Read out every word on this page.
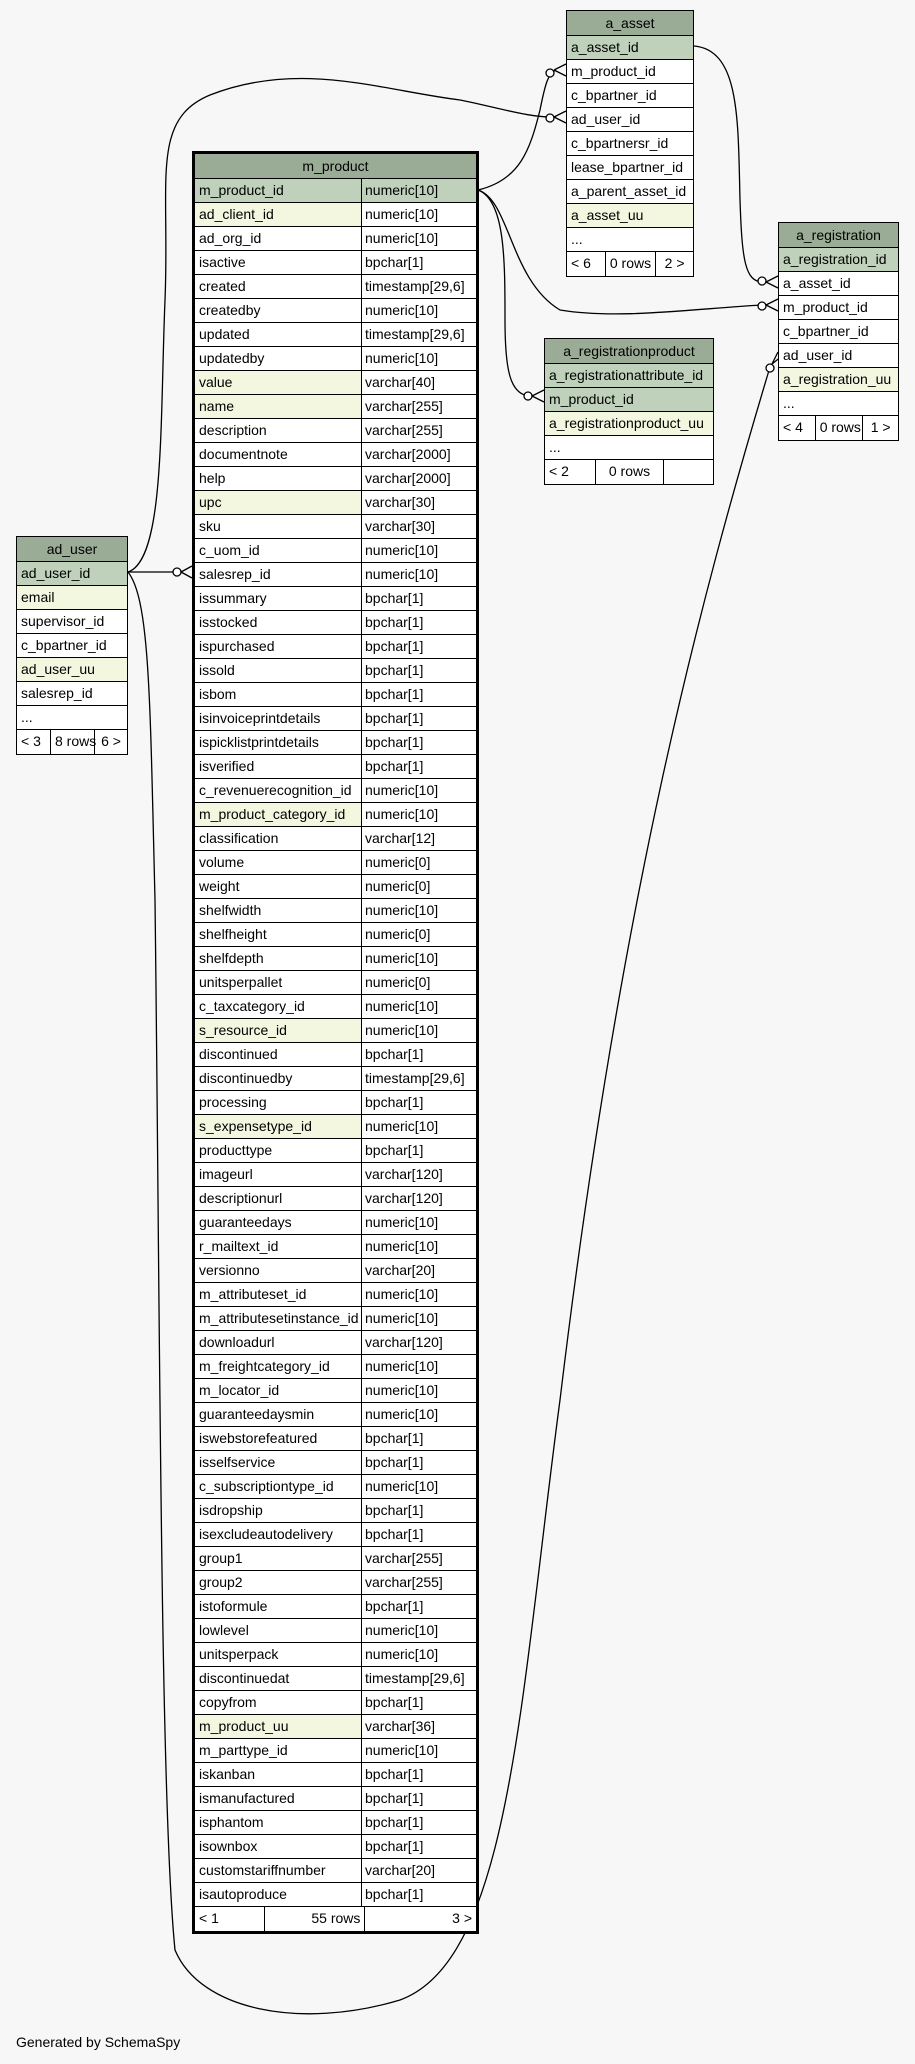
m_product
m_product_id	numeric[10]
ad_client_id	numeric[10]
ad_org_id	numeric[10]
isactive	bpchar[1]
created	timestamp[29,6]
createdby	numeric[10]
updated	timestamp[29,6]
updatedby	numeric[10]
value	varchar[40]
name	varchar[255]
description	varchar[255]
documentnote	varchar[2000]
help	varchar[2000]
upc	varchar[30]
sku	varchar[30]
c_uom_id	numeric[10]
salesrep_id	numeric[10]
issummary	bpchar[1]
isstocked	bpchar[1]
ispurchased	bpchar[1]
issold	bpchar[1]
isbom	bpchar[1]
isinvoiceprintdetails	bpchar[1]
ispicklistprintdetails	bpchar[1]
isverified	bpchar[1]
c_revenuerecognition_id numeric[10]
m_product_category_id	numeric[10]
classification	varchar[12]
volume	numeric[0]
weight	numeric[0]
shelfwidth	numeric[10]
shelfheight	numeric[0]
shelfdepth	numeric[10]
unitsperpallet	numeric[0]
c_taxcategory_id	numeric[10]
s_resource_id	numeric[10]
discontinued	bpchar[1]
discontinuedby	timestamp[29,6]
processing	bpchar[1]
s_expensetype_id	numeric[10]
producttype	bpchar[1]
imageurl	varchar[120]
descriptionurl	varchar[120]
guaranteedays	numeric[10]
r_mailtext_id	numeric[10]
versionno	varchar[20]
m_attributeset_id	numeric[10]
m_attributesetinstance_id numeric[10]
downloadurl	varchar[120]
m_freightcategory_id	numeric[10]
m_locator_id	numeric[10]
guaranteedaysmin	numeric[10]
iswebstorefeatured	bpchar[1]
isselfservice	bpchar[1]
c_subscriptiontype_id	numeric[10]
isdropship	bpchar[1]
isexcludeautodelivery	bpchar[1]
group1	varchar[255]
group2	varchar[255]
istoformule	bpchar[1]
lowlevel	numeric[10]
unitsperpack	numeric[10]
discontinuedat	timestamp[29,6]
copyfrom	bpchar[1]
m_product_uu	varchar[36]
m_parttype_id	numeric[10]
iskanban	bpchar[1]
ismanufactured	bpchar[1]
isphantom	bpchar[1]
isownbox	bpchar[1]
customstariffnumber	varchar[20]
isautoproduce	bpchar[1]
< 1	55 rows	3 >
ad_user
ad_user_id
email
supervisor_id
c_bpartner_id
ad_user_uu
salesrep_id
...
< 3	8 rows 6 >
a_asset
a_asset_id
m_product_id
c_bpartner_id
ad_user_id
c_bpartnersr_id
lease_bpartner_id
a_parent_asset_id
a_asset_uu
...
< 6	0 rows 2 >
a_registrationproduct
a_registrationattribute_id
m_product_id
a_registrationproduct_uu
...
< 2	0 rows
a_registration
a_registration_id
a_asset_id
m_product_id
c_bpartner_id
ad_user_id
a_registration_uu
...
< 4	0 rows 1 >
Generated by SchemaSpy
